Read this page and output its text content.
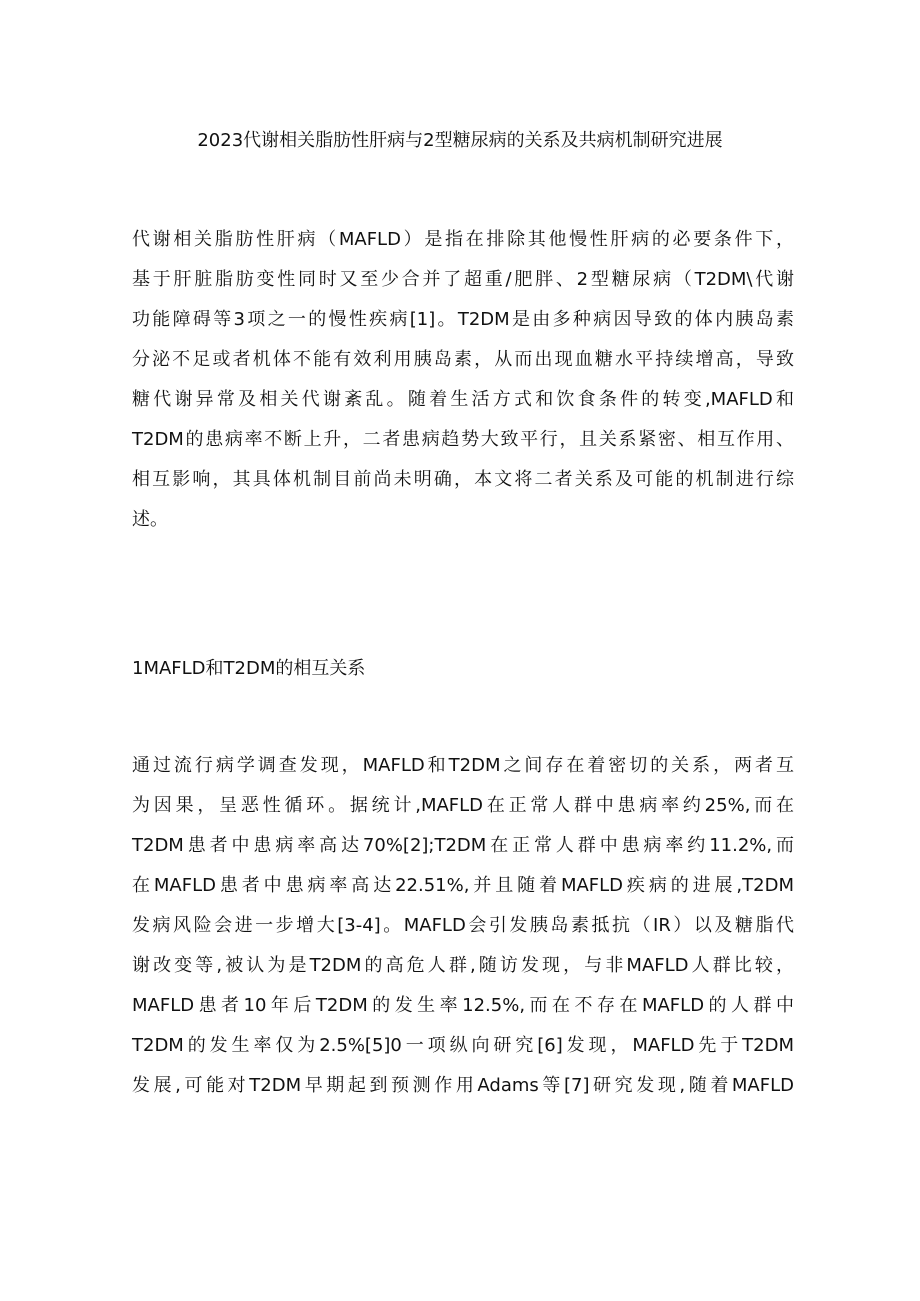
2023代谢相关脂肪性肝病与2型糖尿病的关系及共病机制研究进展
代谢相关脂肪性肝病（MAFLD）是指在排除其他慢性肝病的必要条件下，
基于肝脏脂肪变性同时又至少合并了超重/肥胖、2型糖尿病（T2DM\代谢
功能障碍等3项之一的慢性疾病[1]。T2DM是由多种病因导致的体内胰岛素
分泌不足或者机体不能有效利用胰岛素，从而出现血糖水平持续增高，导致
糖代谢异常及相关代谢紊乱。随着生活方式和饮食条件的转变,MAFLD和
T2DM的患病率不断上升，二者患病趋势大致平行，且关系紧密、相互作用、
相互影响，其具体机制目前尚未明确，本文将二者关系及可能的机制进行综
述。
1MAFLD和T2DM的相互关系
通过流行病学调查发现，MAFLD和T2DM之间存在着密切的关系，两者互
为因果，呈恶性循环。据统计,MAFLD在正常人群中患病率约25%,而在
T2DM患者中患病率高达70%[2];T2DM在正常人群中患病率约11.2%,而
在MAFLD患者中患病率高达22.51%,并且随着MAFLD疾病的进展,T2DM
发病风险会进一步增大[3-4]。MAFLD会引发胰岛素抵抗（IR）以及糖脂代
谢改变等,被认为是T2DM的高危人群,随访发现，与非MAFLD人群比较，
MAFLD患者10年后T2DM的发生率12.5%,而在不存在MAFLD的人群中
T2DM的发生率仅为2.5%[5]0一项纵向研究[6]发现，MAFLD先于T2DM
发展,可能对T2DM早期起到预测作用Adams等[7]研究发现,随着MAFLD
